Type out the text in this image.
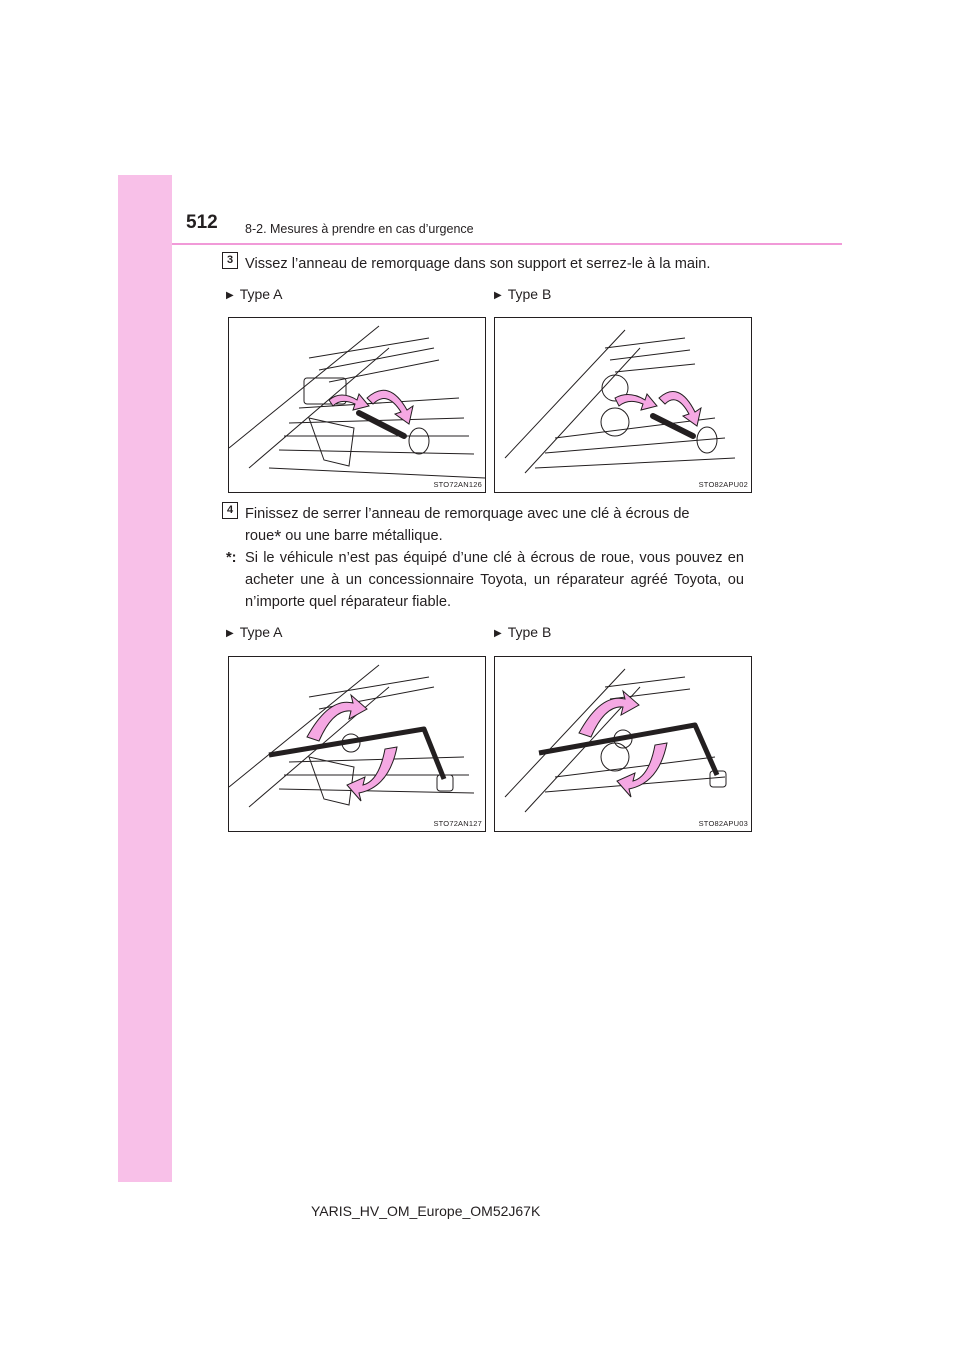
512 8-2. Mesures à prendre en cas d’urgence
3 Vissez l’anneau de remorquage dans son support et serrez-le à la main.
▶ Type A	▶ Type B
STO72AN126	STO82APU02
4 Finissez de serrer l’anneau de remorquage avec une clé à écrous de
roue* ou une barre métallique.
*: Si le véhicule n’est pas équipé d’une clé à écrous de roue, vous pouvez en acheter une à un concessionnaire Toyota, un réparateur agréé Toyota, ou n’importe quel réparateur fiable.
▶ Type A	▶ Type B
STO72AN127	STO82APU03
YARIS_HV_OM_Europe_OM52J67K
